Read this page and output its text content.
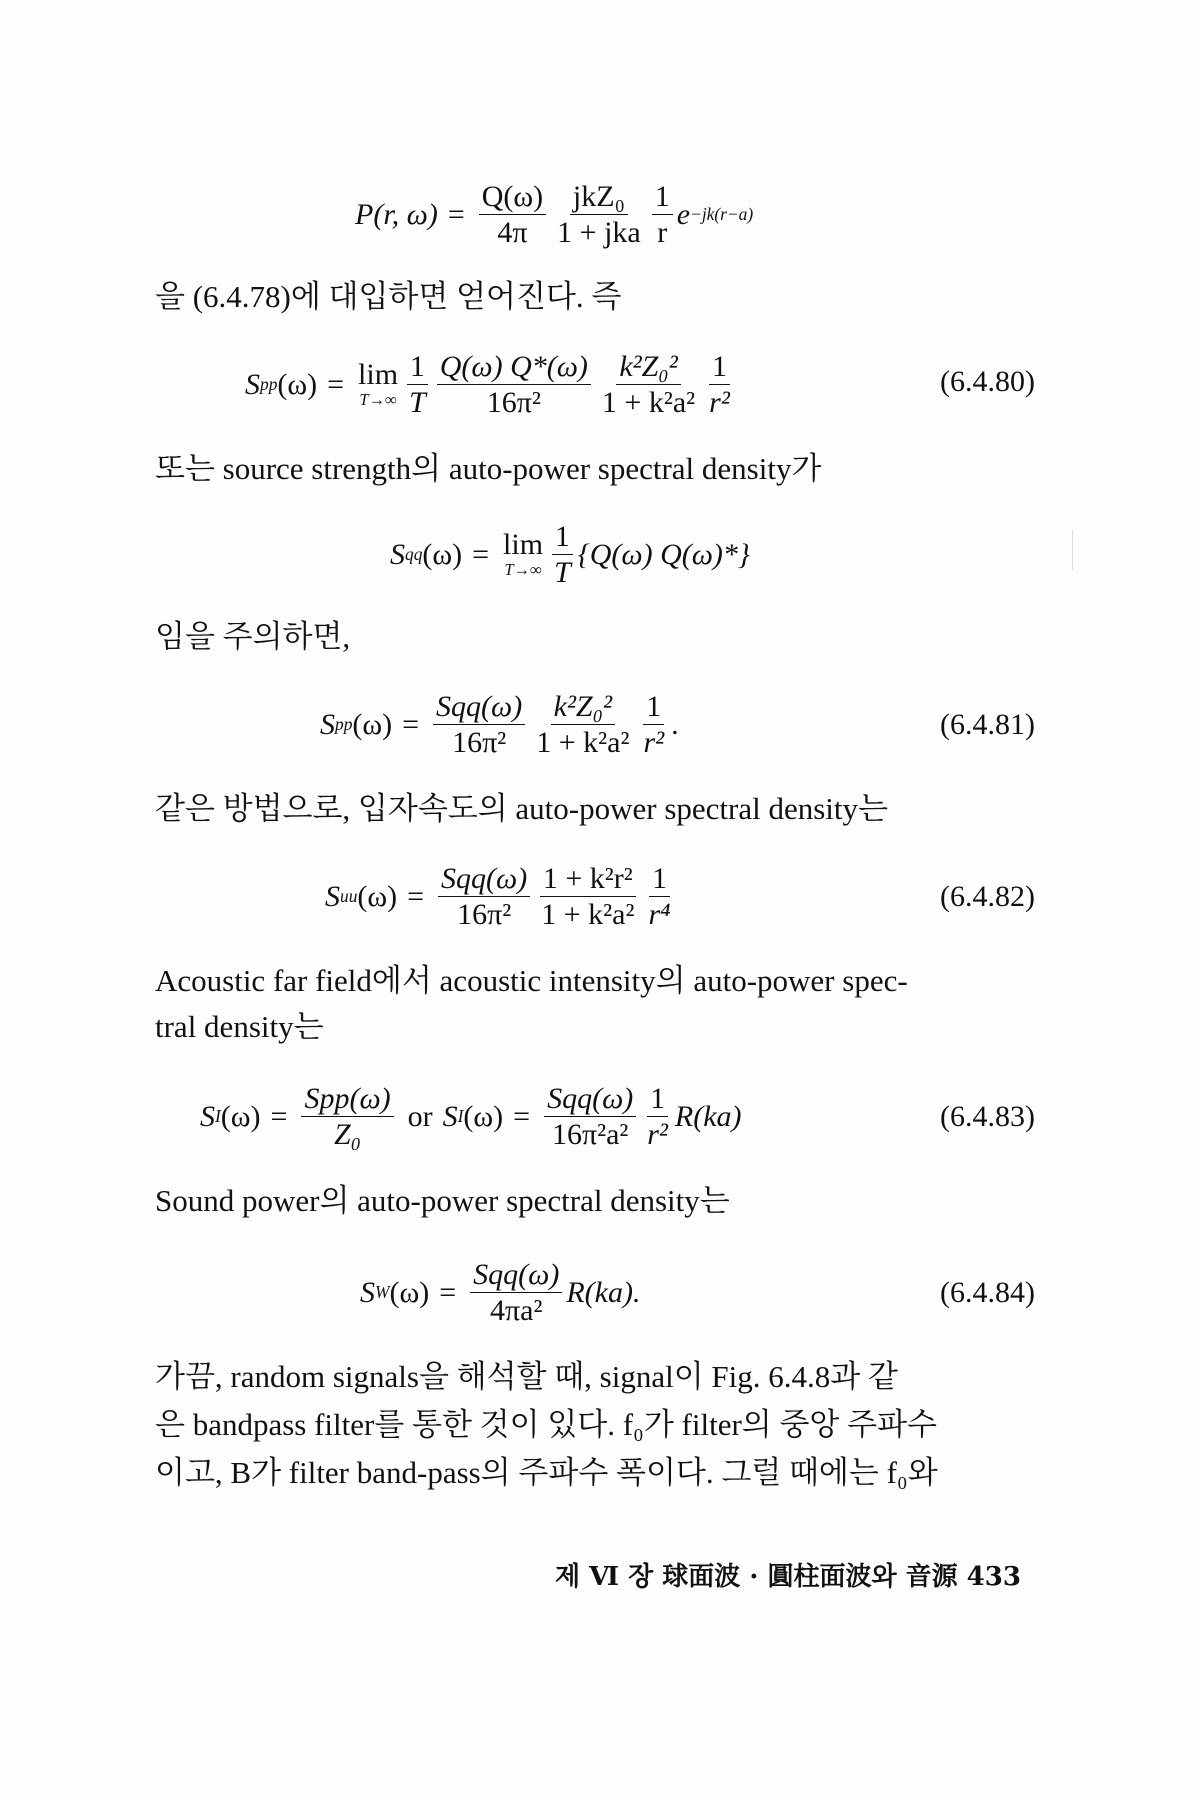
P(r, $\omega) = \frac{Q(\omega)}{4\pi} \frac{\text{jkZ₀}}{\text{1 + jka}} \frac{1}{r}$ e −jk(r−a)
을 (6.4.78)에 대입하면 얻어진다. 즉
S pp (ω) = lim
$T\to\infty \frac{1}{T} \frac{Q(\omega) Q*(\omega)}{\text{16π²}} \frac{\text{k²Z₀²}}{\text{1 + k²a²}} \frac{1}{\text{r²}}$	(6.4.80)
또는 source strength의 auto-power spectral density가
S qq (ω) = lim
$T\to\infty \frac{1}{T} \{Q(\omega)$ Q(ω)*}
임을 주의하면,
S pp $(\omega) = \frac{\text{Sqq(ω)}}{\text{16π²}} \frac{\text{k²Z₀²}}{\text{1 + k²a²}} \frac{1}{\text{r²}}$ .	(6.4.81)
같은 방법으로, 입자속도의 auto-power spectral density는
S uu $(\omega) = \frac{\text{Sqq(ω)}}{\text{16π²}} \frac{\text{1 + k²r²}}{\text{1 + k²a²}} \frac{1}{\text{r⁴}}$	(6.4.82)
Acoustic far field에서 acoustic intensity의 auto-power spec-
tral density는
S I $(\omega) = \frac{\text{Spp(ω)}}{\text{Z₀}}$ or S I $(\omega) = \frac{\text{Sqq(ω)}}{\text{16π²a²}} \frac{1}{\text{r²}} R(ka)$	(6.4.83)
Sound power의 auto-power spectral density는
S W $(\omega) = \frac{\text{Sqq(ω)}}{\text{4πa²}} R(ka)$.	(6.4.84)
가끔, random signals을 해석할 때, signal이 Fig. 6.4.8과 같
은 bandpass filter를 통한 것이 있다. f₀가 filter의 중앙 주파수
이고, B가 filter band-pass의 주파수 폭이다. 그럴 때에는 f₀와
제 Ⅵ 장 球面波 · 圓柱面波와 音源 433
